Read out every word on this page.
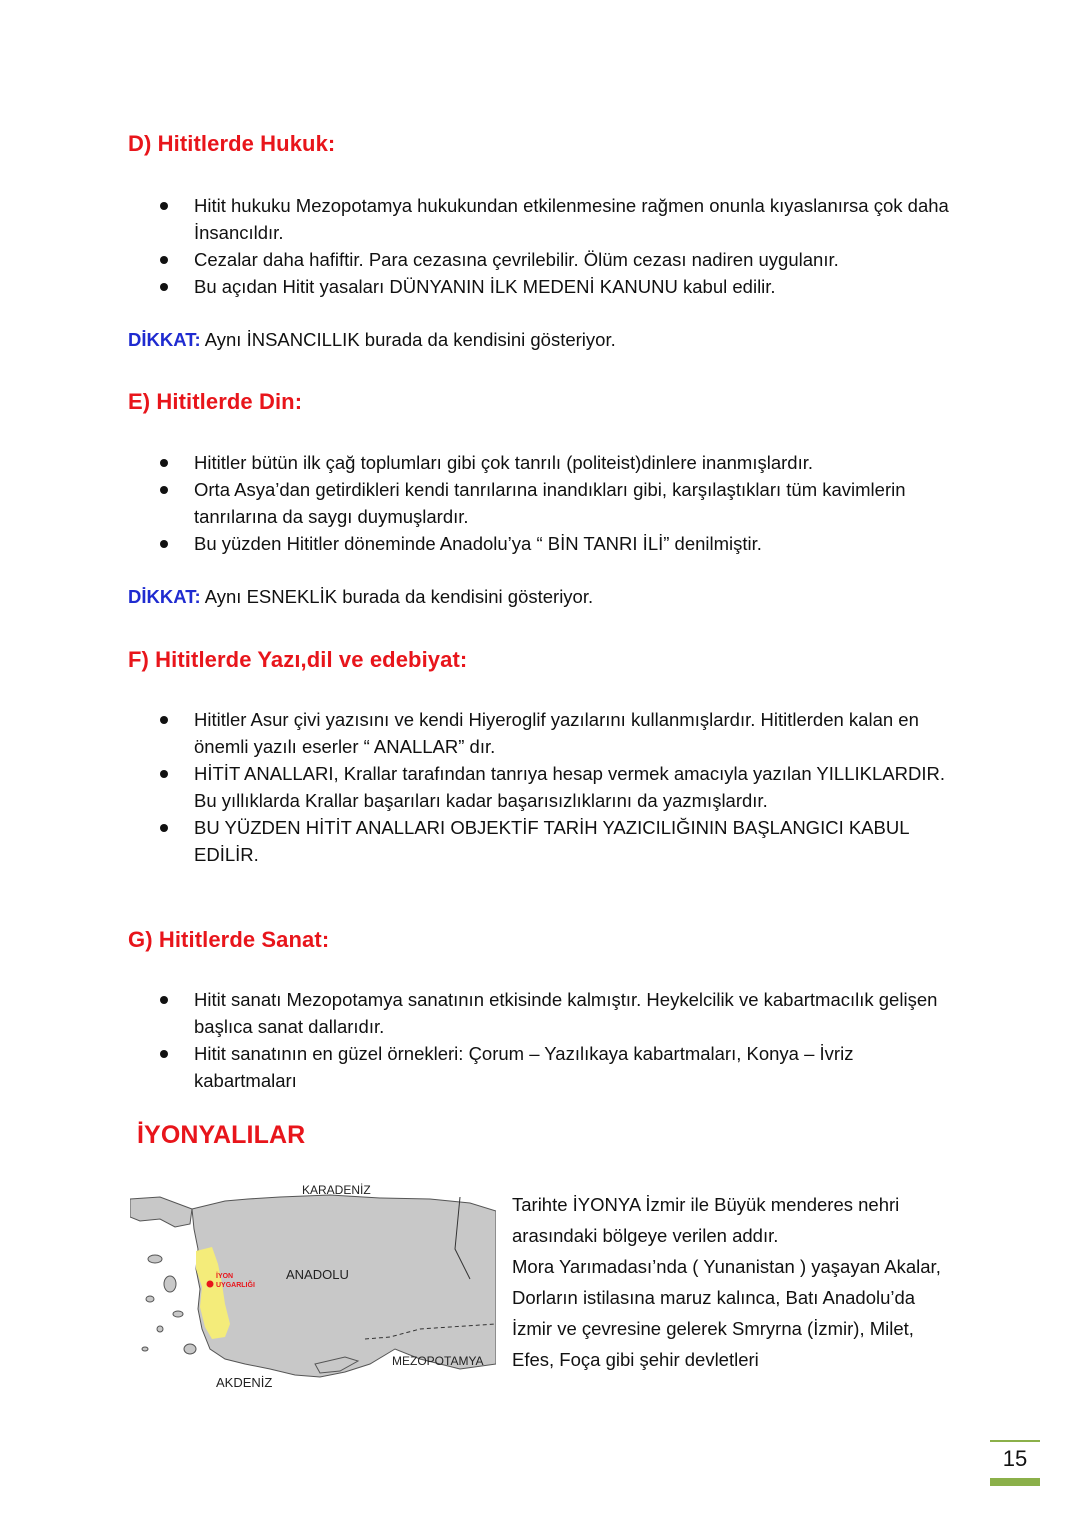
D) Hititlerde Hukuk:
Hitit hukuku Mezopotamya hukukundan etkilenmesine rağmen onunla kıyaslanırsa çok daha İnsancıldır.
Cezalar daha hafiftir. Para cezasına çevrilebilir. Ölüm cezası nadiren uygulanır.
Bu açıdan Hitit yasaları DÜNYANIN İLK MEDENİ KANUNU kabul edilir.

DİKKAT: Aynı İNSANCILLIK burada da kendisini gösteriyor.

E) Hititlerde Din:
Hititler bütün ilk çağ toplumları gibi çok tanrılı (politeist)dinlere inanmışlardır.
Orta Asya’dan getirdikleri kendi tanrılarına inandıkları gibi, karşılaştıkları tüm kavimlerin tanrılarına da saygı duymuşlardır.
Bu yüzden Hititler döneminde Anadolu’ya “ BİN TANRI İLİ” denilmiştir.

DİKKAT: Aynı ESNEKLİK burada da kendisini gösteriyor.

F) Hititlerde Yazı,dil ve edebiyat:
Hititler Asur çivi yazısını ve kendi Hiyeroglif yazılarını kullanmışlardır. Hititlerden kalan en önemli yazılı eserler “ ANALLAR” dır.
HİTİT ANALLARI, Krallar tarafından tanrıya hesap vermek amacıyla yazılan YILLIKLARDIR. Bu yıllıklarda Krallar başarıları kadar başarısızlıklarını da yazmışlardır.
BU YÜZDEN HİTİT ANALLARI OBJEKTİF TARİH YAZICILIĞININ BAŞLANGICI KABUL EDİLİR.
G) Hititlerde Sanat:
Hitit sanatı Mezopotamya sanatının etkisinde kalmıştır. Heykelcilik ve kabartmacılık gelişen başlıca sanat dallarıdır.
Hitit sanatının en güzel örnekleri: Çorum – Yazılıkaya kabartmaları, Konya – İvriz kabartmaları
İYONYALILAR
KARADENİZ
ANADOLU
İYON
UYGARLIĞI
MEZOPOTAMYA
AKDENİZ

Tarihte İYONYA İzmir ile Büyük menderes nehri arasındaki bölgeye verilen addır.
Mora Yarımadası’nda ( Yunanistan ) yaşayan Akalar, Dorların istilasına maruz kalınca, Batı Anadolu’da İzmir ve çevresine gelerek Smryrna (İzmir), Milet, Efes, Foça gibi şehir devletleri

15
